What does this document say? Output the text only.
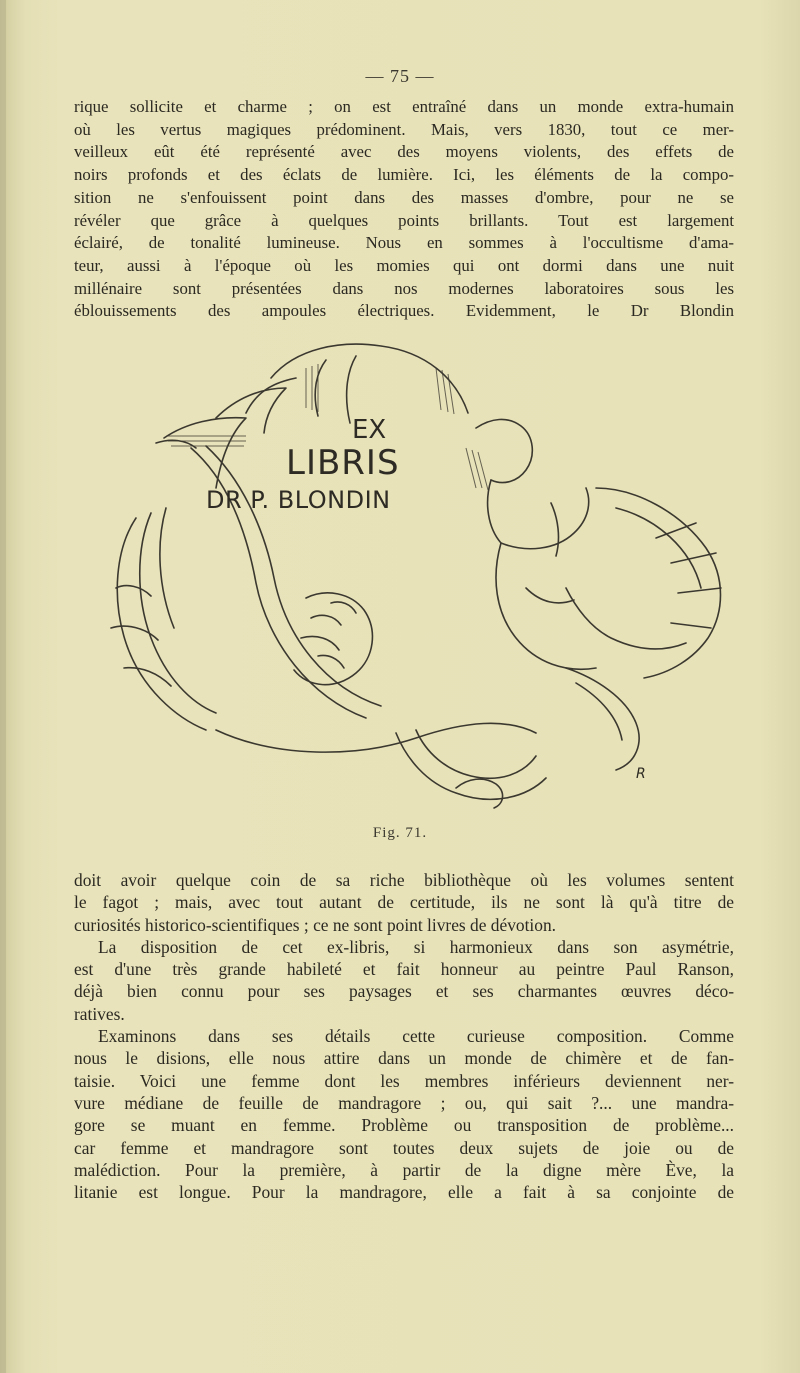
— 75 —

rique sollicite et charme ; on est entraîné dans un monde extra-humain
où les vertus magiques prédominent. Mais, vers 1830, tout ce mer-
veilleux eût été représenté avec des moyens violents, des effets de
noirs profonds et des éclats de lumière. Ici, les éléments de la compo-
sition ne s'enfouissent point dans des masses d'ombre, pour ne se
révéler que grâce à quelques points brillants. Tout est largement
éclairé, de tonalité lumineuse. Nous en sommes à l'occultisme d'ama-
teur, aussi à l'époque où les momies qui ont dormi dans une nuit
millénaire sont présentées dans nos modernes laboratoires sous les
éblouissements des ampoules électriques. Evidemment, le Dr Blondin

EX
LIBRIS
DR P. BLONDIN
R
Fig. 71.

doit avoir quelque coin de sa riche bibliothèque où les volumes sentent
le fagot ; mais, avec tout autant de certitude, ils ne sont là qu'à titre de
curiosités historico-scientifiques ; ce ne sont point livres de dévotion.
La disposition de cet ex-libris, si harmonieux dans son asymétrie,
est d'une très grande habileté et fait honneur au peintre Paul Ranson,
déjà bien connu pour ses paysages et ses charmantes œuvres déco-
ratives.
Examinons dans ses détails cette curieuse composition. Comme
nous le disions, elle nous attire dans un monde de chimère et de fan-
taisie. Voici une femme dont les membres inférieurs deviennent ner-
vure médiane de feuille de mandragore ; ou, qui sait ?... une mandra-
gore se muant en femme. Problème ou transposition de problème...
car femme et mandragore sont toutes deux sujets de joie ou de
malédiction. Pour la première, à partir de la digne mère Ève, la
litanie est longue. Pour la mandragore, elle a fait à sa conjointe de
